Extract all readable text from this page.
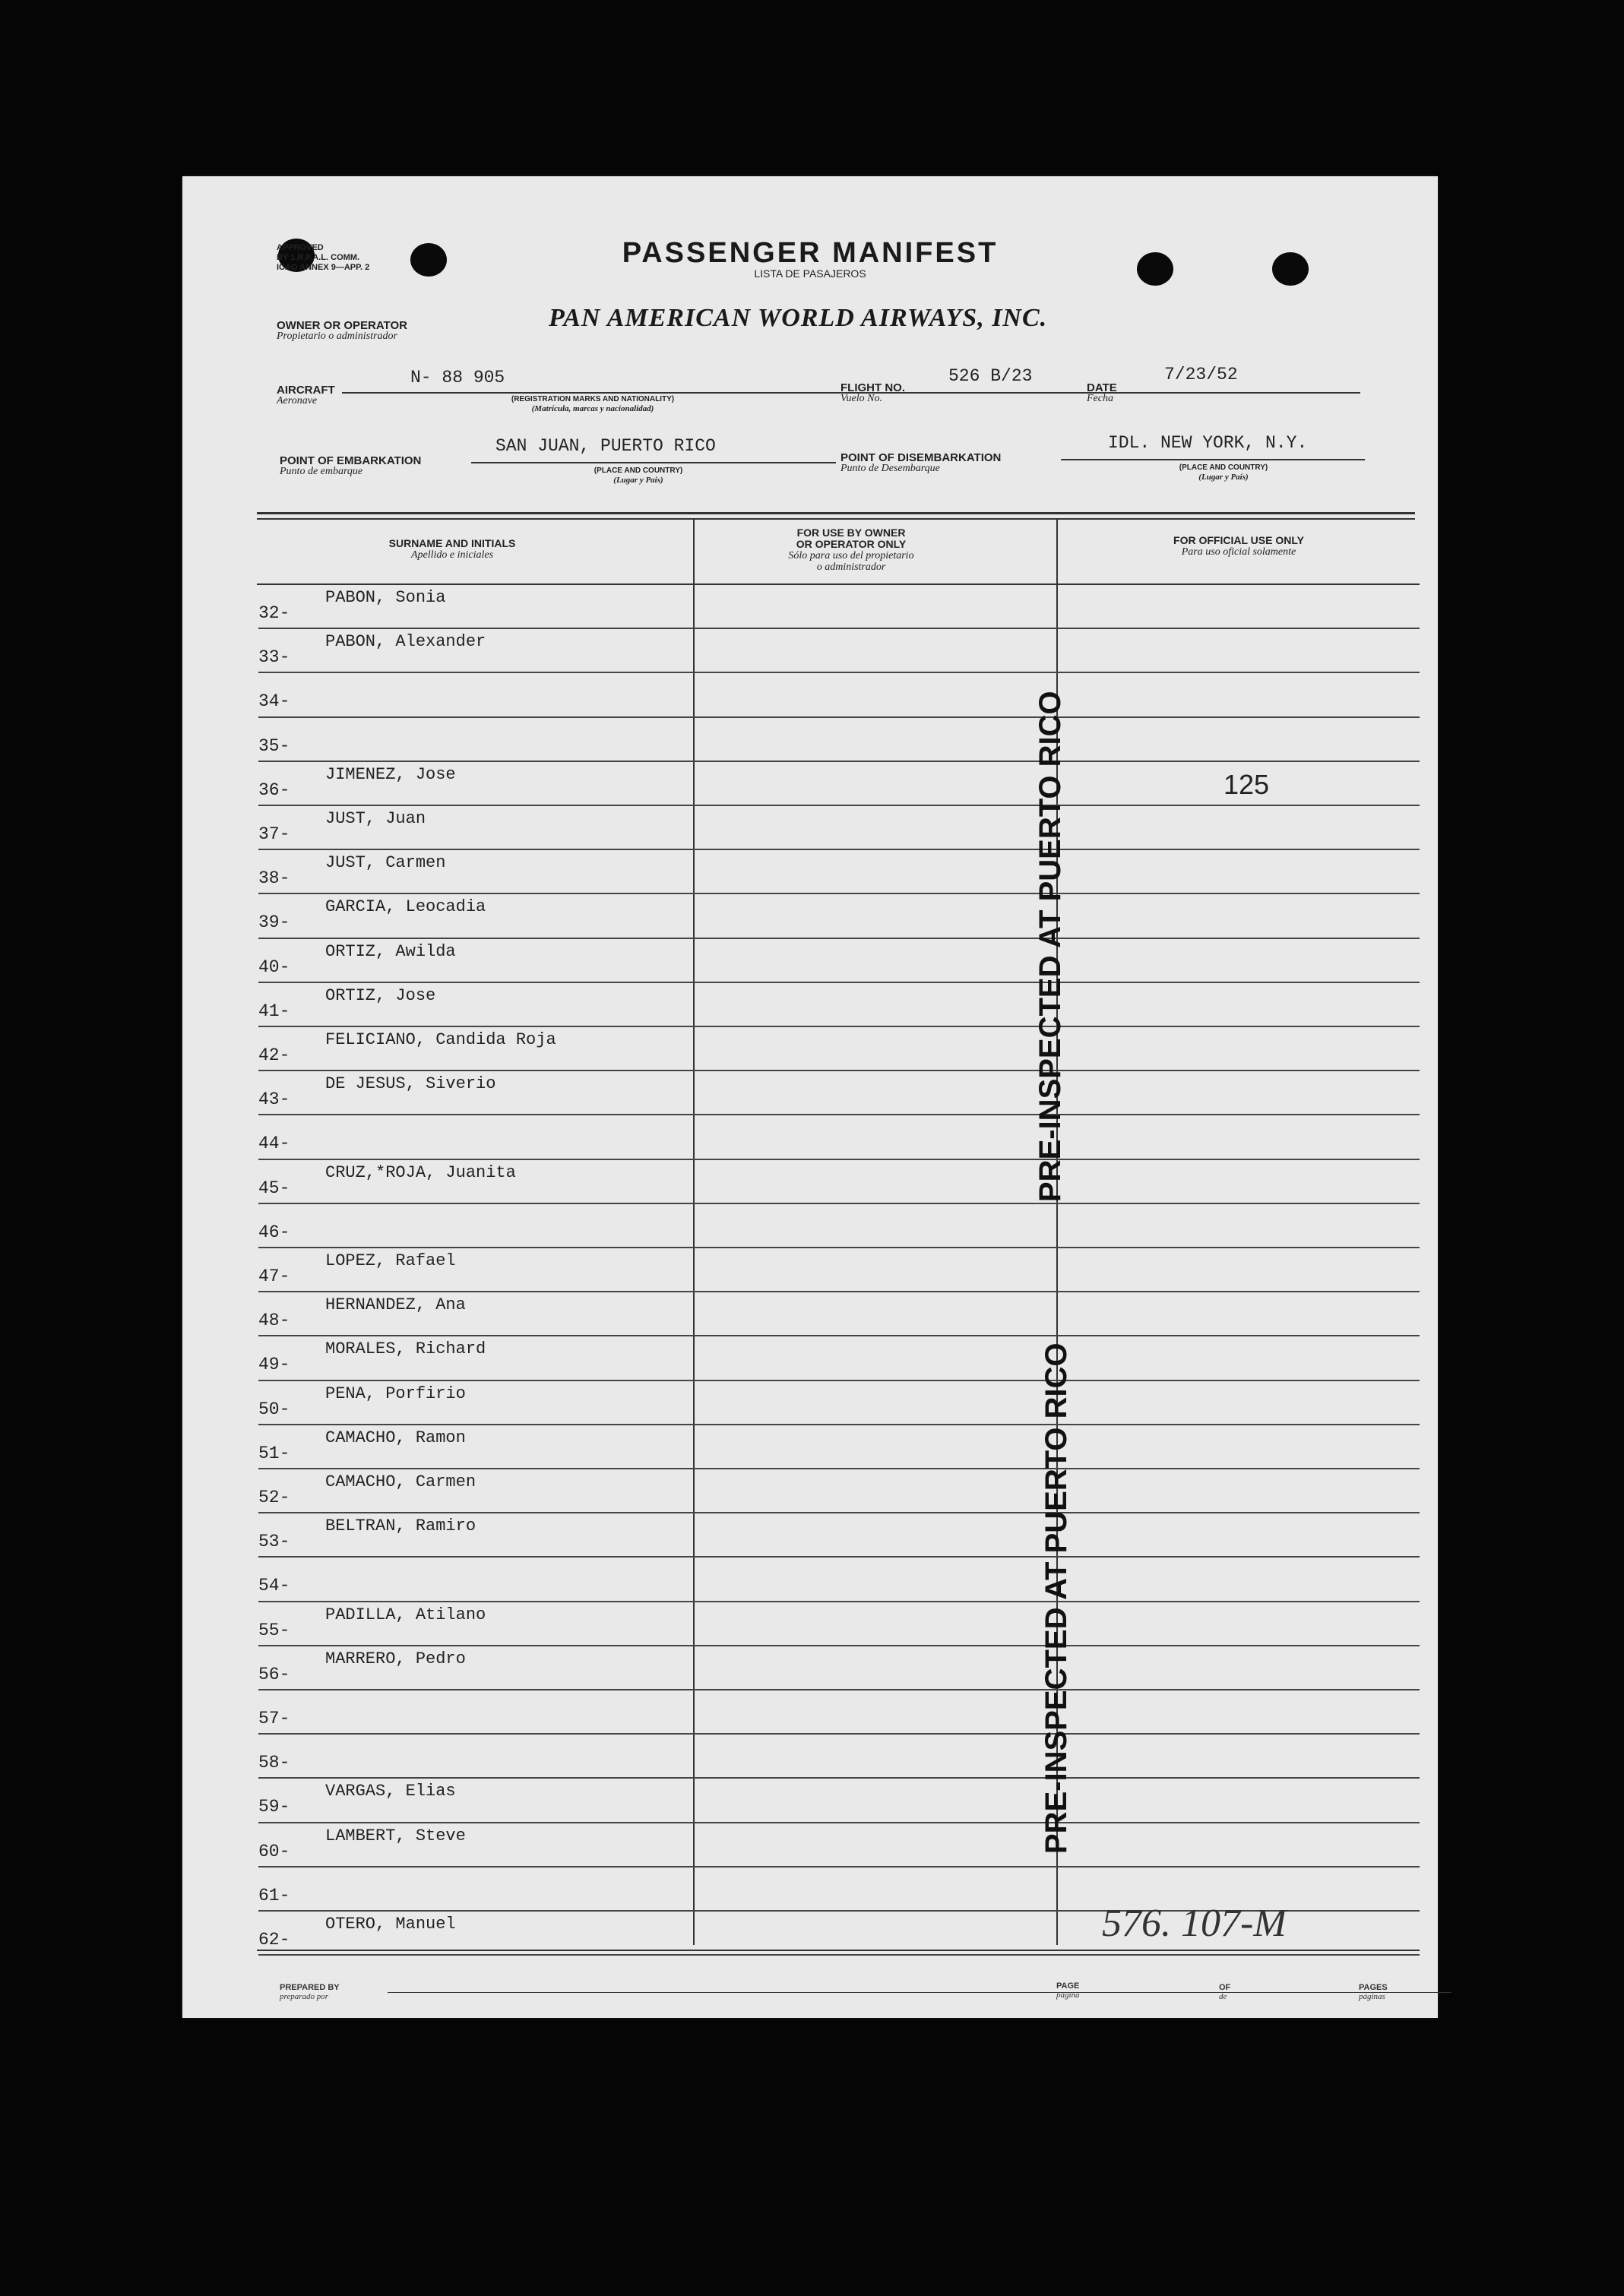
APPROVED
BY 1.R.P.A.L. COMM.
ICAO ANNEX 9—APP. 2	PASSENGER MANIFEST
LISTA DE PASAJEROS
OWNER OR OPERATOR
Propietario o administrador
PAN AMERICAN WORLD AIRWAYS, INC.
AIRCRAFT
Aeronave
N- 88 905
(REGISTRATION MARKS AND NATIONALITY)
(Matrícula, marcas y nacionalidad)
FLIGHT NO.
Vuelo No.
526 B/23
DATE
Fecha
7/23/52
POINT OF EMBARKATION
Punto de embarque
SAN JUAN, PUERTO RICO
(PLACE AND COUNTRY)
(Lugar y País)
POINT OF DISEMBARKATION
Punto de Desembarque
IDL. NEW YORK, N.Y.
(PLACE AND COUNTRY)
(Lugar y País)
SURNAME AND INITIALS
Apellido e iniciales
FOR USE BY OWNER
OR OPERATOR ONLY
Sólo para uso del propietario
o administrador
FOR OFFICIAL USE ONLY
Para uso oficial solamente
32-
PABON, Sonia
33-
PABON, Alexander
34-
35-
36-
JIMENEZ, Jose
37-
JUST, Juan
38-
JUST, Carmen
39-
GARCIA, Leocadia
40-
ORTIZ, Awilda
41-
ORTIZ, Jose
42-
FELICIANO, Candida Roja
43-
DE JESUS, Siverio
44-
45-
CRUZ,*ROJA, Juanita
46-
47-
LOPEZ, Rafael
48-
HERNANDEZ, Ana
49-
MORALES, Richard
50-
PENA, Porfirio
51-
CAMACHO, Ramon
52-
CAMACHO, Carmen
53-
BELTRAN, Ramiro
54-
55-
PADILLA, Atilano
56-
MARRERO, Pedro
57-
58-
59-
VARGAS, Elias
60-
LAMBERT, Steve
61-
62-
OTERO, Manuel
PRE-INSPECTED AT PUERTO RICO
PRE-INSPECTED AT PUERTO RICO
125
576. 107-M
PREPARED BY
preparado por
PAGE
página
OF
de
PAGES
páginas
